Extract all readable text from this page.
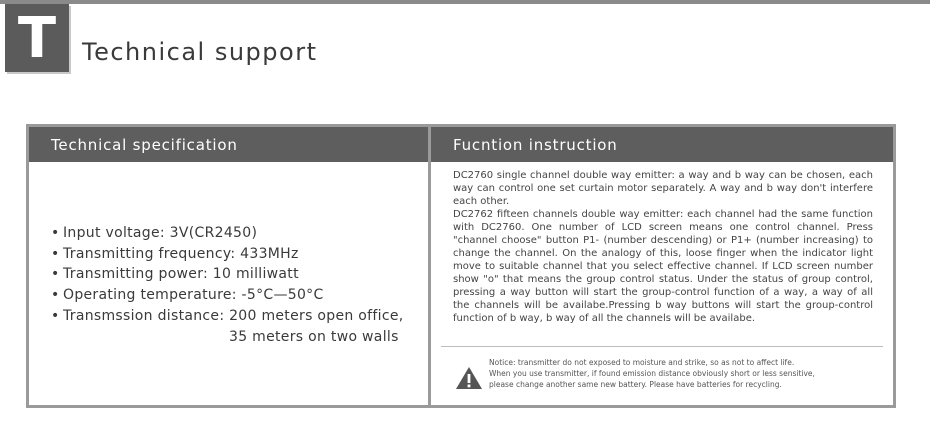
T	Technical support
Technical specification
• Input voltage: 3V(CR2450)
• Transmitting frequency: 433MHz
• Transmitting power: 10 milliwatt
• Operating temperature: -5°C—50°C
• Transmssion distance: 200 meters open office,
35 meters on two walls
Fucntion instruction

DC2760 single channel double way emitter: a way and b way can be chosen, each way can control one set curtain motor separately. A way and b way don't interfere each other.

DC2762 fifteen channels double way emitter: each channel had the same function with DC2760. One number of LCD screen means one control channel. Press "channel choose" button P1- (number descending) or P1+ (number increasing) to change the channel. On the analogy of this, loose finger when the indicator light move to suitable channel that you select effective channel. If LCD screen number show "o" that means the group control status. Under the status of group control, pressing a way button will start the group-control function of a way, a way of all the channels will be availabe.Pressing b way buttons will start the group-control function of b way, b way of all the channels will be availabe.

Notice: transmitter do not exposed to moisture and strike, so as not to affect life.

When you use transmitter, if found emission distance obviously short or less sensitive,

please change another same new battery. Please have batteries for recycling.
